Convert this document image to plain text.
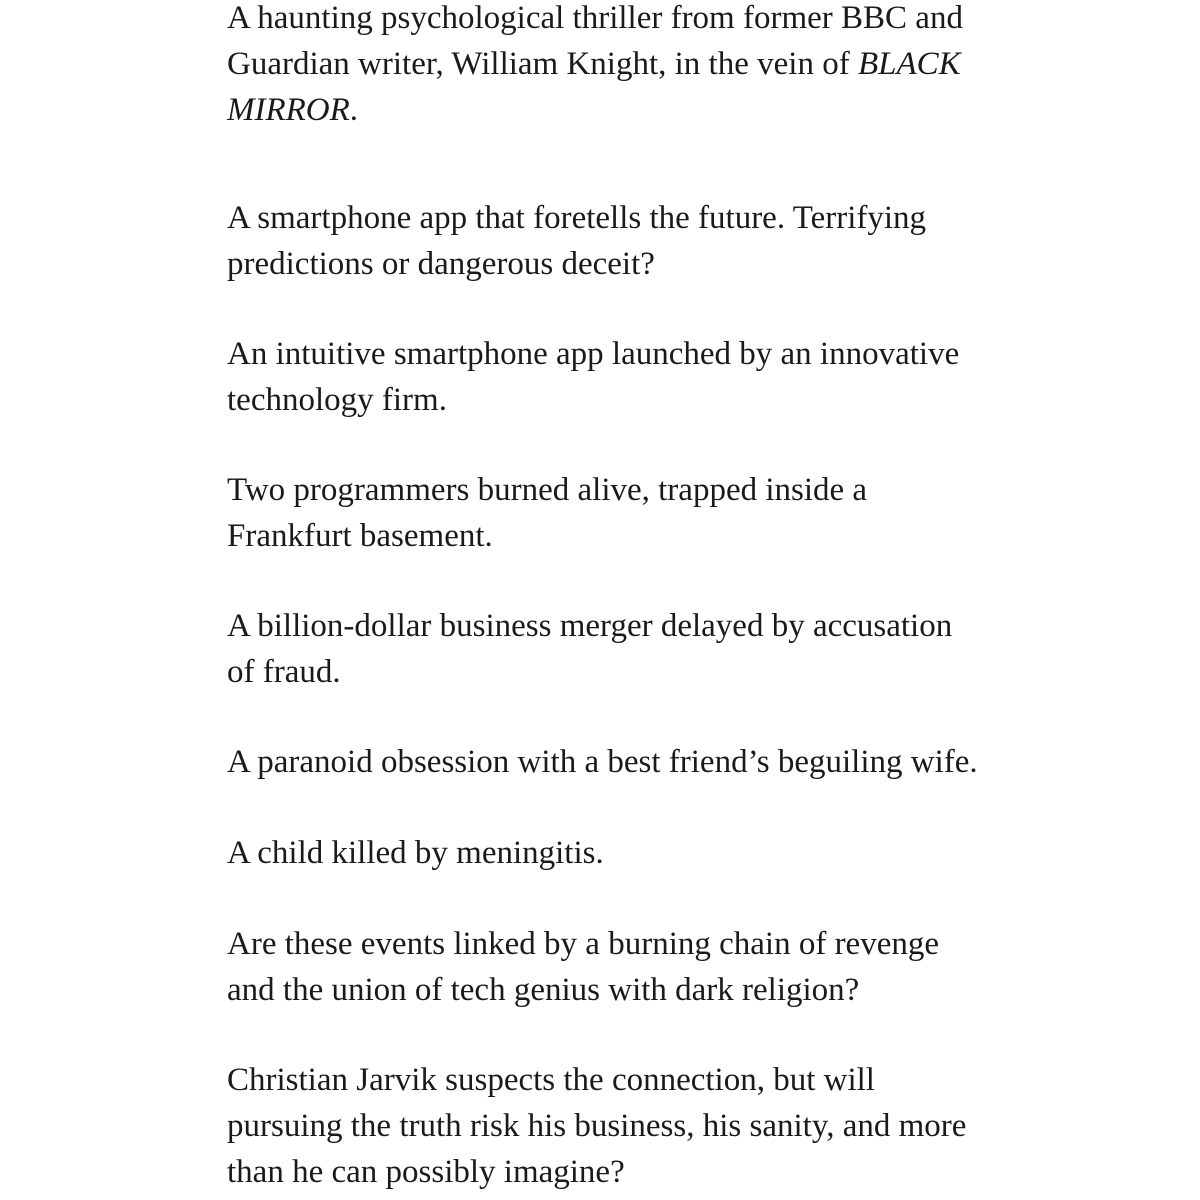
A haunting psychological thriller from former BBC and
Guardian writer, William Knight, in the vein of BLACK
MIRROR.

A smartphone app that foretells the future. Terrifying
predictions or dangerous deceit?

An intuitive smartphone app launched by an innovative
technology firm.

Two programmers burned alive, trapped inside a
Frankfurt basement.

A billion-dollar business merger delayed by accusation
of fraud.

A paranoid obsession with a best friend’s beguiling wife.

A child killed by meningitis.

Are these events linked by a burning chain of revenge
and the union of tech genius with dark religion?

Christian Jarvik suspects the connection, but will
pursuing the truth risk his business, his sanity, and more
than he can possibly imagine?
